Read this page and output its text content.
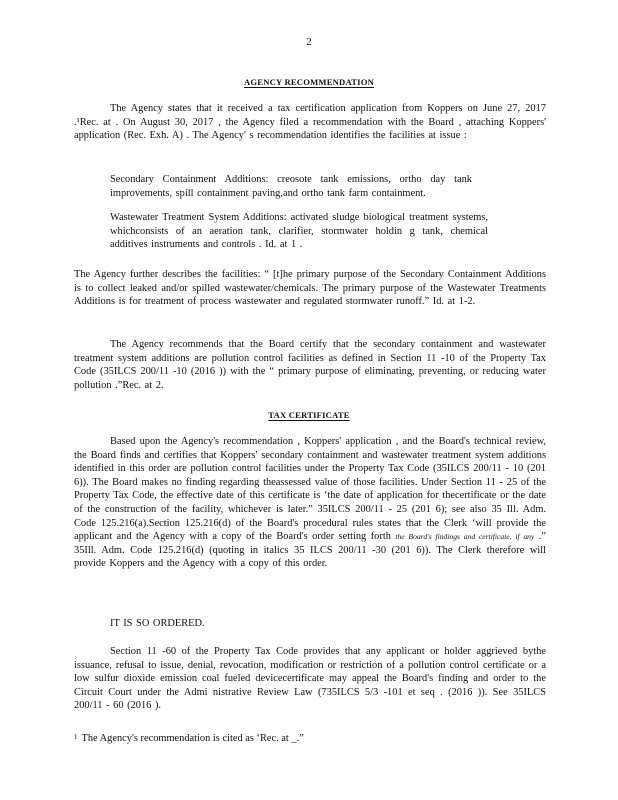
2
AGENCY RECOMMENDATION
The Agency states that it received a tax certification application from Koppers on June 27, 2017 .¹Rec. at . On August 30, 2017 , the Agency filed a recommendation with the Board , attaching Koppers' application (Rec. Exh. A) . The Agency' s recommendation identifies the facilities at issue :
Secondary Containment Additions: creosote tank emissions, ortho day tank improvements, spill containment paving,and ortho tank farm containment.
Wastewater Treatment System Additions: activated sludge biological treatment systems, whichconsists of an aeration tank, clarifier, stormwater holdin g tank, chemical additives instruments and controls . Id. at 1 .
The Agency further describes the facilities: “ [t]he primary purpose of the Secondary Containment Additions is to collect leaked and/or spilled wastewater/chemicals. The primary purpose of the Wastewater Treatments Additions is for treatment of process wastewater and regulated stormwater runoff.” Id. at 1-2.
The Agency recommends that the Board certify that the secondary containment and wastewater treatment system additions are pollution control facilities as defined in Section 11 -10 of the Property Tax Code (35ILCS 200/11 -10 (2016 )) with the “ primary purpose of eliminating, preventing, or reducing water pollution .”Rec. at 2.
TAX CERTIFICATE
Based upon the Agency's recommendation , Koppers' application , and the Board's technical review, the Board finds and certifies that Koppers' secondary containment and wastewater treatment system additions identified in this order are pollution control facilities under the Property Tax Code (35ILCS 200/11 - 10 (201 6)). The Board makes no finding regarding theassessed value of those facilities. Under Section 11 - 25 of the Property Tax Code, the effective date of this certificate is ‘the date of application for thecertificate or the date of the construction of the facility, whichever is later.” 35ILCS 200/11 - 25 (201 6); see also 35 Ill. Adm. Code 125.216(a).Section 125.216(d) of the Board's procedural rules states that the Clerk ‘will provide the applicant and the Agency with a copy of the Board's order setting forth the Board's findings and certificate, if any .” 35Ill. Adm. Code 125.216(d) (quoting in italics 35 ILCS 200/11 -30 (201 6)). The Clerk therefore will provide Koppers and the Agency with a copy of this order.
IT IS SO ORDERED.
Section 11 -60 of the Property Tax Code provides that any applicant or holder aggrieved bythe issuance, refusal to issue, denial, revocation, modification or restriction of a pollution control certificate or a low sulfur dioxide emission coal fueled devicecertificate may appeal the Board's finding and order to the Circuit Court under the Admi nistrative Review Law (735ILCS 5/3 -101 et seq . (2016 )). See 35ILCS 200/11 - 60 (2016 ).
$^1$ The Agency's recommendation is cited as ‘Rec. at _.”
